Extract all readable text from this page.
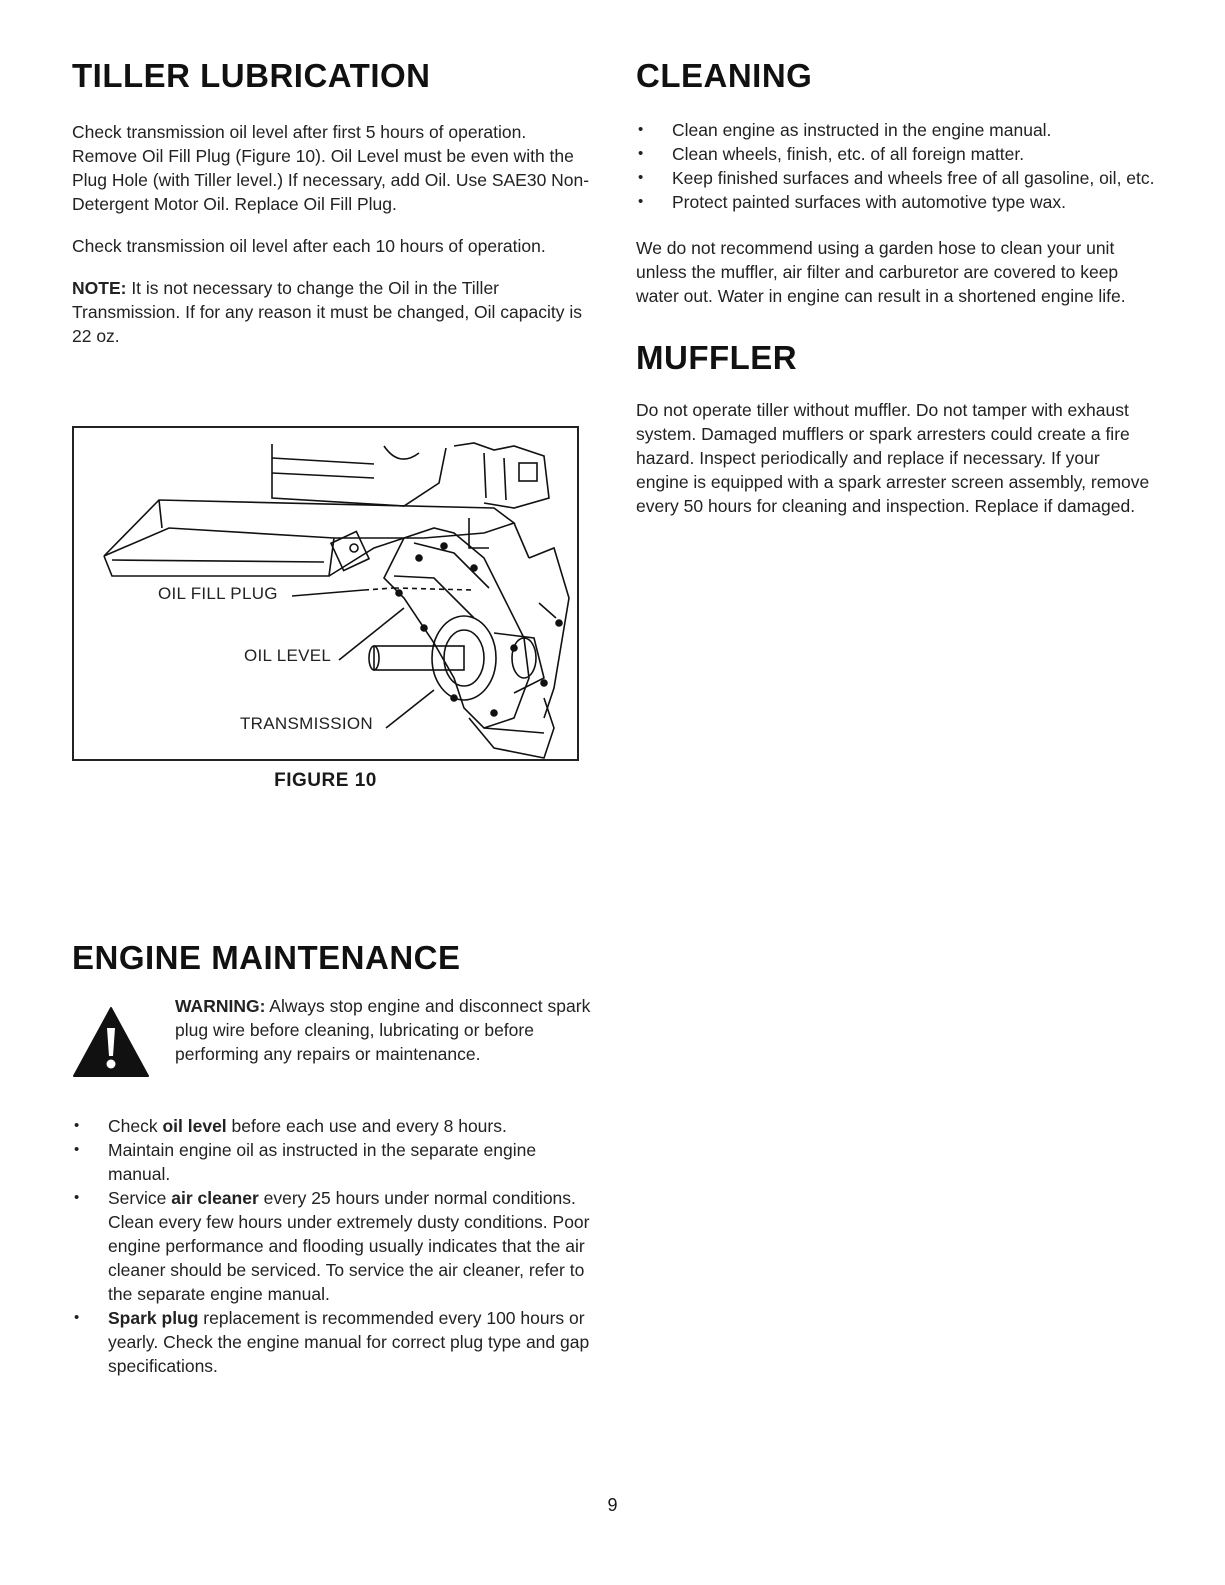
TILLER LUBRICATION

Check transmission oil level after first 5 hours of operation. Remove Oil Fill Plug (Figure 10). Oil Level must be even with the Plug Hole (with Tiller level.) If necessary, add Oil. Use SAE30 Non-Detergent Motor Oil. Replace Oil Fill Plug.

Check transmission oil level after each 10 hours of operation.

NOTE: It is not necessary to change the Oil in the Tiller Transmission. If for any reason it must be changed, Oil capacity is 22 oz.

OIL FILL PLUG
OIL LEVEL
TRANSMISSION
FIGURE 10
CLEANING
• Clean engine as instructed in the engine manual.
• Clean wheels, finish, etc. of all foreign matter.
• Keep finished surfaces and wheels free of all gasoline, oil, etc.
• Protect painted surfaces with automotive type wax.

We do not recommend using a garden hose to clean your unit unless the muffler, air filter and carburetor are covered to keep water out. Water in engine can result in a shortened engine life.

MUFFLER

Do not operate tiller without muffler. Do not tamper with exhaust system. Damaged mufflers or spark arresters could create a fire hazard. Inspect periodically and replace if necessary. If your engine is equipped with a spark arrester screen assembly, remove every 50 hours for cleaning and inspection. Replace if damaged.

ENGINE MAINTENANCE
WARNING: Always stop engine and disconnect spark plug wire before cleaning, lubricating or before performing any repairs or maintenance.
• Check oil level before each use and every 8 hours.
• Maintain engine oil as instructed in the separate engine manual.
• Service air cleaner every 25 hours under normal conditions. Clean every few hours under extremely dusty conditions. Poor engine performance and flooding usually indicates that the air cleaner should be serviced. To service the air cleaner, refer to the separate engine manual.
• Spark plug replacement is recommended every 100 hours or yearly. Check the engine manual for correct plug type and gap specifications.
9
